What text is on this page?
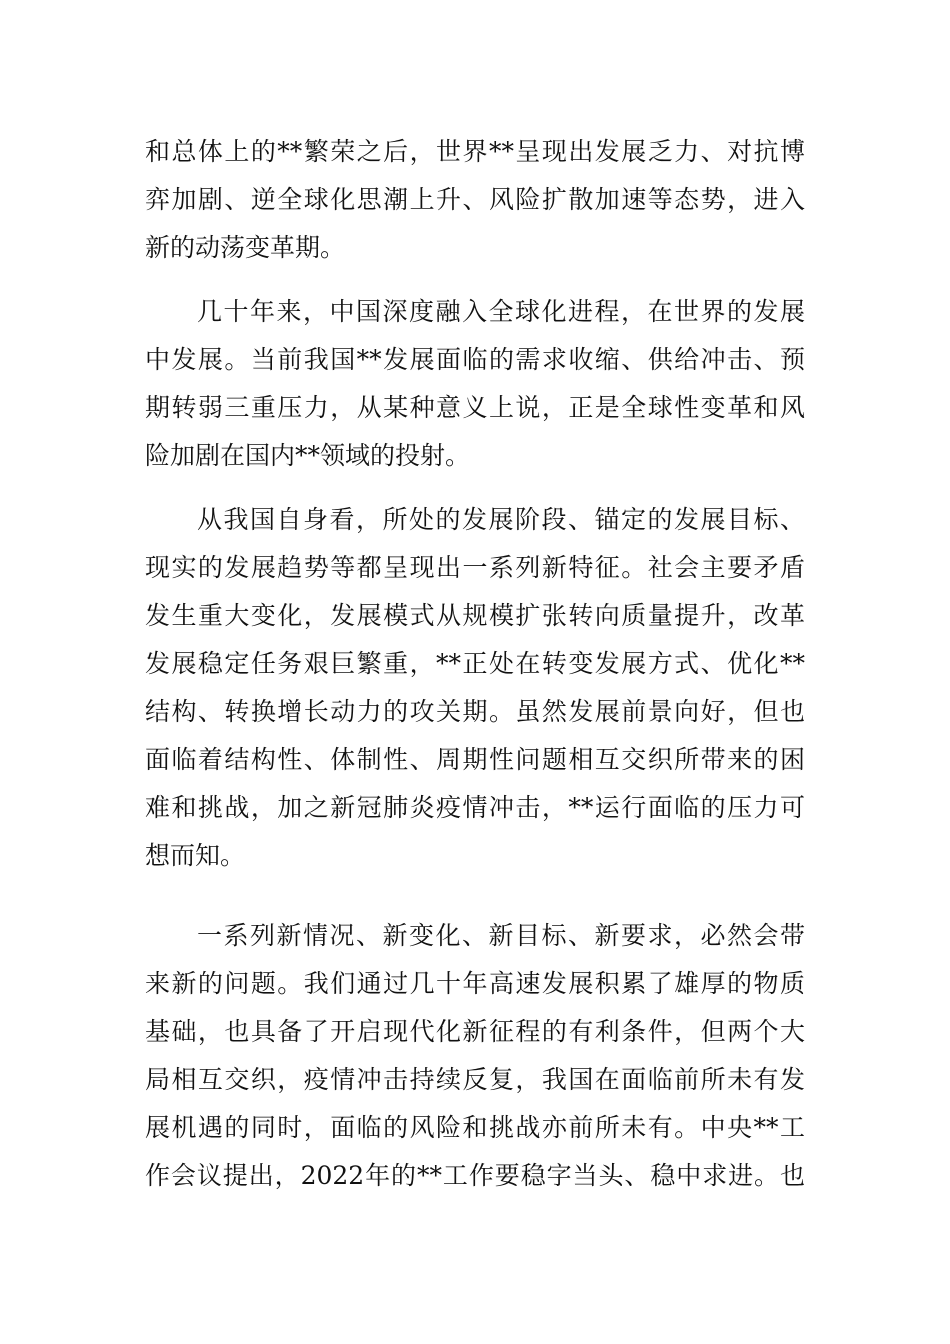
和总体上的**繁荣之后，世界**呈现出发展乏力、对抗博
弈加剧、逆全球化思潮上升、风险扩散加速等态势，进入
新的动荡变革期。
几十年来，中国深度融入全球化进程，在世界的发展
中发展。当前我国**发展面临的需求收缩、供给冲击、预
期转弱三重压力，从某种意义上说，正是全球性变革和风
险加剧在国内**领域的投射。
从我国自身看，所处的发展阶段、锚定的发展目标、
现实的发展趋势等都呈现出一系列新特征。社会主要矛盾
发生重大变化，发展模式从规模扩张转向质量提升，改革
发展稳定任务艰巨繁重，**正处在转变发展方式、优化**
结构、转换增长动力的攻关期。虽然发展前景向好，但也
面临着结构性、体制性、周期性问题相互交织所带来的困
难和挑战，加之新冠肺炎疫情冲击，**运行面临的压力可
想而知。
一系列新情况、新变化、新目标、新要求，必然会带
来新的问题。我们通过几十年高速发展积累了雄厚的物质
基础，也具备了开启现代化新征程的有利条件，但两个大
局相互交织，疫情冲击持续反复，我国在面临前所未有发
展机遇的同时，面临的风险和挑战亦前所未有。中央**工
作会议提出，2022年的**工作要稳字当头、稳中求进。也
